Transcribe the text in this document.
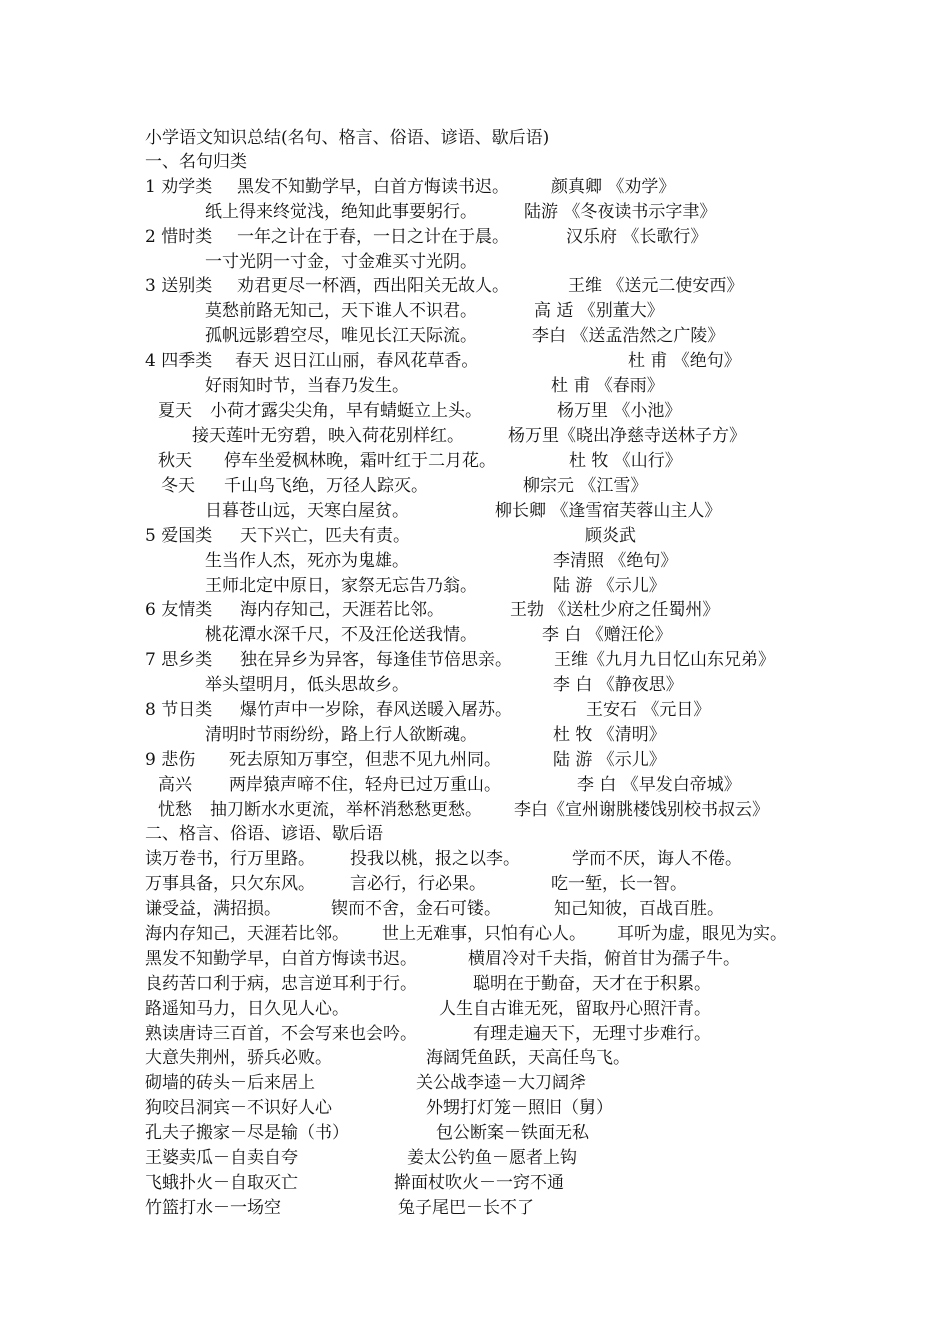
小学语文知识总结(名句、格言、俗语、谚语、歇后语)
一、名句归类
1 劝学类 黑发不知勤学早，白首方悔读书迟。 颜真卿 《劝学》
纸上得来终觉浅，绝知此事要躬行。	陆游 《冬夜读书示字聿》
2 惜时类 一年之计在于春，一日之计在于晨。	汉乐府 《长歌行》
一寸光阴一寸金，寸金难买寸光阴。
3 送别类 劝君更尽一杯酒，西出阳关无故人。	王维 《送元二使安西》
莫愁前路无知己，天下谁人不识君。	高 适 《别董大》
孤帆远影碧空尽，唯见长江天际流。	李白 《送孟浩然之广陵》
4 四季类 春天 迟日江山丽，春风花草香。	杜 甫 《绝句》
好雨知时节，当春乃发生。	杜 甫 《春雨》
夏天 小荷才露尖尖角，早有蜻蜓立上头。	杨万里 《小池》
接天莲叶无穷碧，映入荷花别样红。	杨万里《晓出净慈寺送林子方》
秋天 停车坐爱枫林晚，霜叶红于二月花。	杜 牧 《山行》
冬天 千山鸟飞绝，万径人踪灭。	柳宗元 《江雪》
日暮苍山远，天寒白屋贫。	柳长卿 《逢雪宿芙蓉山主人》
5 爱国类 天下兴亡，匹夫有责。	顾炎武
生当作人杰，死亦为鬼雄。	李清照 《绝句》
王师北定中原日，家祭无忘告乃翁。	陆 游 《示儿》
6 友情类 海内存知己，天涯若比邻。	王勃 《送杜少府之任蜀州》
桃花潭水深千尺，不及汪伦送我情。	李 白 《赠汪伦》
7 思乡类 独在异乡为异客，每逢佳节倍思亲。 王维《九月九日忆山东兄弟》
举头望明月，低头思故乡。	李 白 《静夜思》
8 节日类 爆竹声中一岁除，春风送暖入屠苏。	王安石 《元日》
清明时节雨纷纷，路上行人欲断魂。	杜 牧 《清明》
9 悲伤 死去原知万事空，但悲不见九州同。	陆 游 《示儿》
高兴 两岸猿声啼不住，轻舟已过万重山。	李 白 《早发白帝城》
忧愁 抽刀断水水更流，举杯消愁愁更愁。 李白《宣州谢朓楼饯别校书叔云》
二、格言、俗语、谚语、歇后语
读万卷书，行万里路。 投我以桃，报之以李。	学而不厌，诲人不倦。
万事具备，只欠东风。 言必行，行必果。	吃一堑，长一智。
谦受益，满招损。	锲而不舍，金石可镂。	知己知彼，百战百胜。
海内存知己，天涯若比邻。 世上无难事，只怕有心人。 耳听为虚，眼见为实。
黑发不知勤学早，白首方悔读书迟。	横眉冷对千夫指，俯首甘为孺子牛。
良药苦口利于病，忠言逆耳利于行。	聪明在于勤奋，天才在于积累。
路遥知马力，日久见人心。	人生自古谁无死，留取丹心照汗青。
熟读唐诗三百首，不会写来也会吟。	有理走遍天下，无理寸步难行。
大意失荆州，骄兵必败。	海阔凭鱼跃，天高任鸟飞。
砌墙的砖头－后来居上	关公战李逵－大刀阔斧
狗咬吕洞宾－不识好人心	外甥打灯笼－照旧（舅）
孔夫子搬家－尽是输（书）	包公断案－铁面无私
王婆卖瓜－自卖自夸	姜太公钓鱼－愿者上钩
飞蛾扑火－自取灭亡	擀面杖吹火－一窍不通
竹篮打水－一场空	兔子尾巴－长不了
